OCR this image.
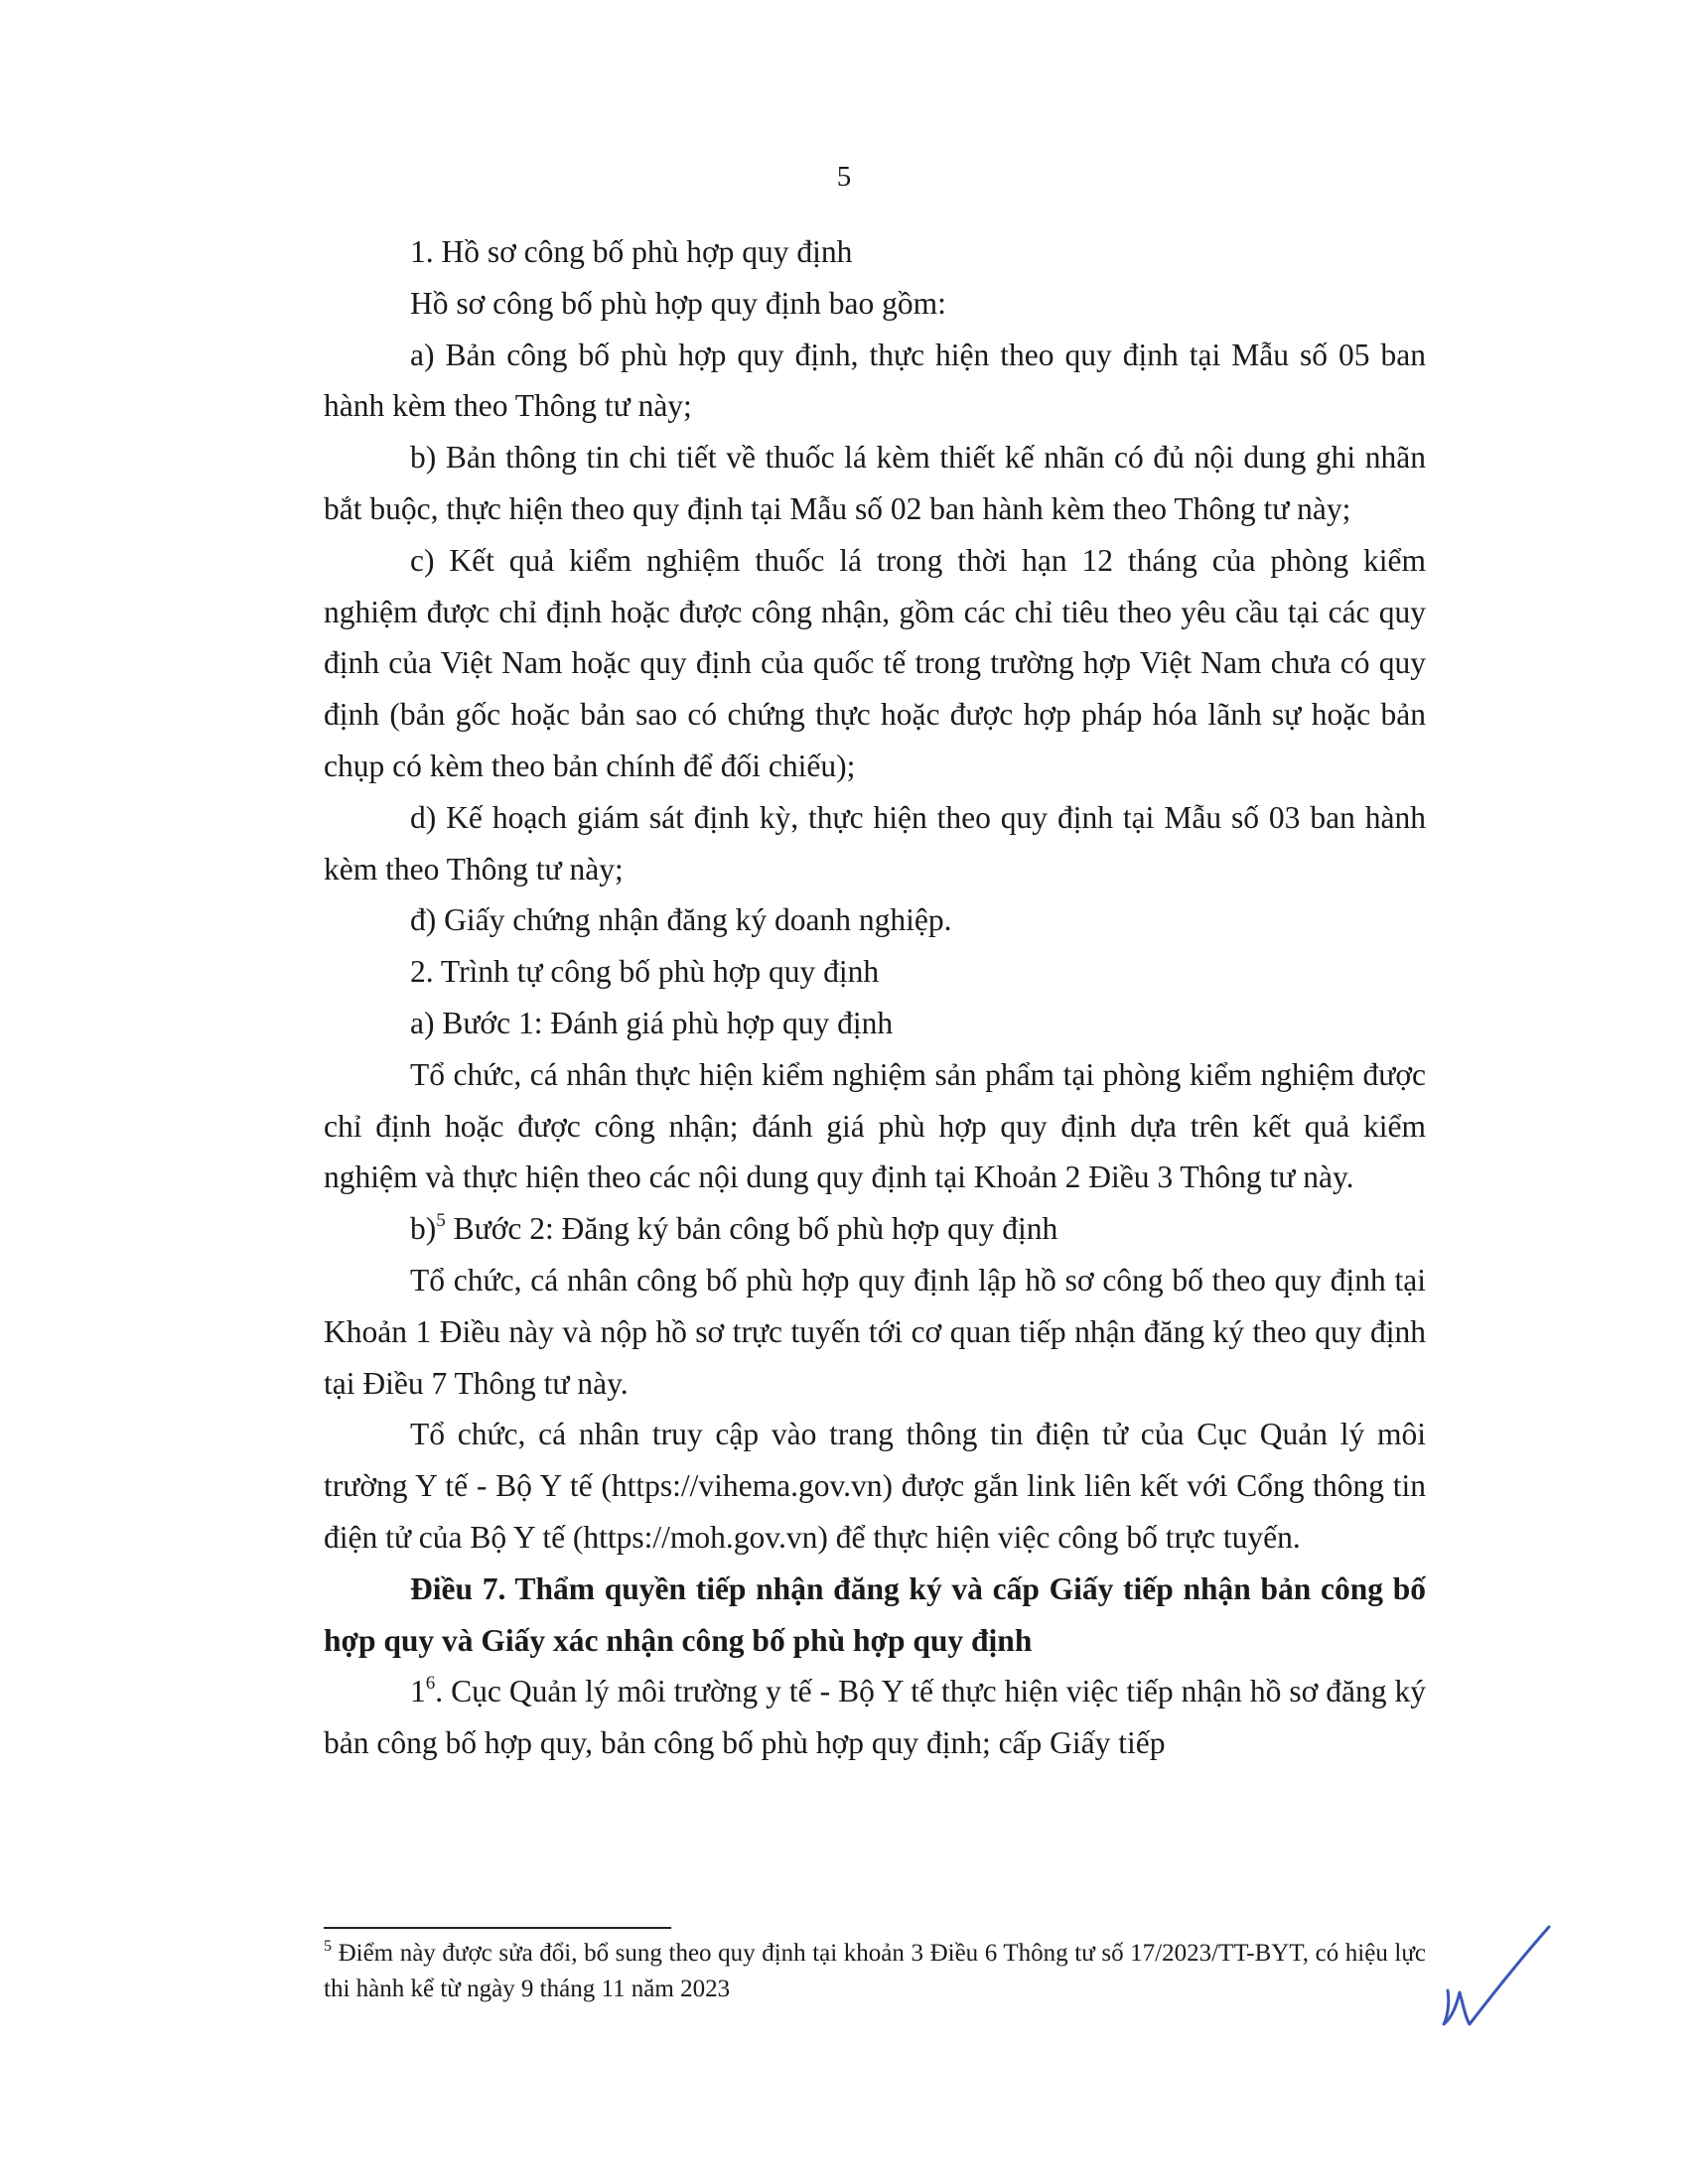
5

1. Hồ sơ công bố phù hợp quy định

Hồ sơ công bố phù hợp quy định bao gồm:

a) Bản công bố phù hợp quy định, thực hiện theo quy định tại Mẫu số 05 ban hành kèm theo Thông tư này;

b) Bản thông tin chi tiết về thuốc lá kèm thiết kế nhãn có đủ nội dung ghi nhãn bắt buộc, thực hiện theo quy định tại Mẫu số 02 ban hành kèm theo Thông tư này;

c) Kết quả kiểm nghiệm thuốc lá trong thời hạn 12 tháng của phòng kiểm nghiệm được chỉ định hoặc được công nhận, gồm các chỉ tiêu theo yêu cầu tại các quy định của Việt Nam hoặc quy định của quốc tế trong trường hợp Việt Nam chưa có quy định (bản gốc hoặc bản sao có chứng thực hoặc được hợp pháp hóa lãnh sự hoặc bản chụp có kèm theo bản chính để đối chiếu);

d) Kế hoạch giám sát định kỳ, thực hiện theo quy định tại Mẫu số 03 ban hành kèm theo Thông tư này;

đ) Giấy chứng nhận đăng ký doanh nghiệp.

2. Trình tự công bố phù hợp quy định

a) Bước 1: Đánh giá phù hợp quy định

Tổ chức, cá nhân thực hiện kiểm nghiệm sản phẩm tại phòng kiểm nghiệm được chỉ định hoặc được công nhận; đánh giá phù hợp quy định dựa trên kết quả kiểm nghiệm và thực hiện theo các nội dung quy định tại Khoản 2 Điều 3 Thông tư này.

b)$^5$ Bước 2: Đăng ký bản công bố phù hợp quy định

Tổ chức, cá nhân công bố phù hợp quy định lập hồ sơ công bố theo quy định tại Khoản 1 Điều này và nộp hồ sơ trực tuyến tới cơ quan tiếp nhận đăng ký theo quy định tại Điều 7 Thông tư này.

Tổ chức, cá nhân truy cập vào trang thông tin điện tử của Cục Quản lý môi trường Y tế - Bộ Y tế (https://vihema.gov.vn) được gắn link liên kết với Cổng thông tin điện tử của Bộ Y tế (https://moh.gov.vn) để thực hiện việc công bố trực tuyến.

Điều 7. Thẩm quyền tiếp nhận đăng ký và cấp Giấy tiếp nhận bản công bố hợp quy và Giấy xác nhận công bố phù hợp quy định

$1^6$. Cục Quản lý môi trường y tế - Bộ Y tế thực hiện việc tiếp nhận hồ sơ đăng ký bản công bố hợp quy, bản công bố phù hợp quy định; cấp Giấy tiếp

$^5$ Điểm này được sửa đổi, bổ sung theo quy định tại khoản 3 Điều 6 Thông tư số 17/2023/TT-BYT, có hiệu lực thi hành kể từ ngày 9 tháng 11 năm 2023
